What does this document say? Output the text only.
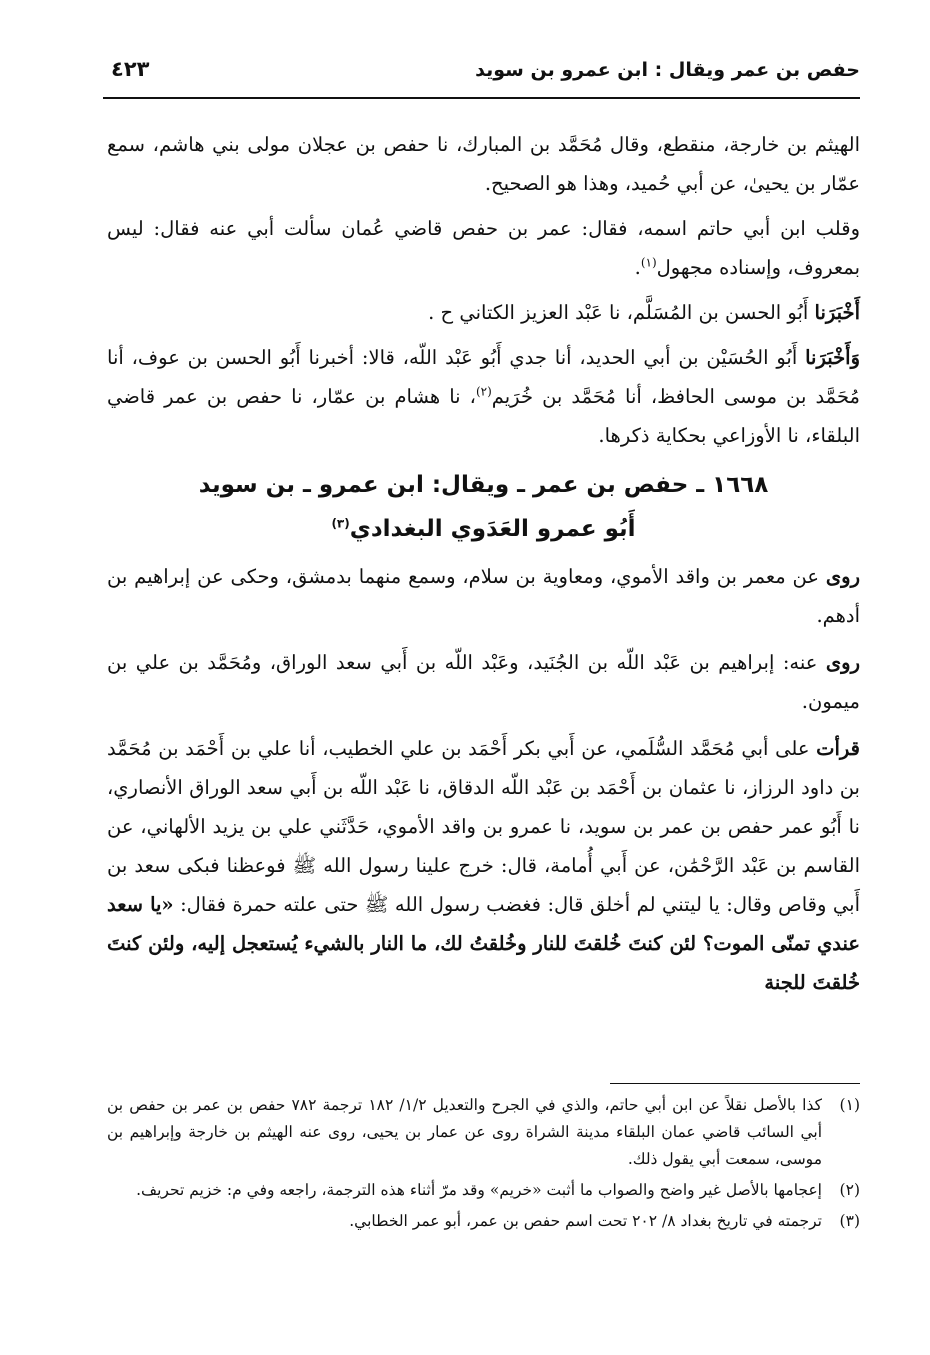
حفص بن عمر ويقال : ابن عمرو بن سويد
٤٢٣

الهيثم بن خارجة، منقطع، وقال مُحَمَّد بن المبارك، نا حفص بن عجلان مولى بني هاشم، سمع عمّار بن يحيىٰ، عن أبي حُميد، وهذا هو الصحيح.

وقلب ابن أبي حاتم اسمه، فقال: عمر بن حفص قاضي عُمان سألت أبي عنه فقال: ليس بمعروف، وإسناده مجهول$^{(١)}$.

أَخْبَرَنا أَبُو الحسن بن المُسَلَّم، نا عَبْد العزيز الكتاني ح .

وَأَخْبَرَنا أَبُو الحُسَيْن بن أبي الحديد، أنا جدي أَبُو عَبْد اللّه، قالا: أخبرنا أَبُو الحسن بن عوف، أنا مُحَمَّد بن موسى الحافظ، أنا مُحَمَّد بن خُرَيم$^{(٢)}$، نا هشام بن عمّار، نا حفص بن عمر قاضي البلقاء، نا الأوزاعي بحكاية ذكرها.

١٦٦٨ ـ حفص بن عمر ـ ويقال: ابن عمرو ـ بن سويد
أَبُو عمرو العَدَوي البغدادي$^{(٣)}$

روى عن معمر بن واقد الأموي، ومعاوية بن سلام، وسمع منهما بدمشق، وحكى عن إبراهيم بن أدهم.

روى عنه: إبراهيم بن عَبْد اللّه بن الجُنَيد، وعَبْد اللّه بن أَبي سعد الوراق، ومُحَمَّد بن علي بن ميمون.

قرأت على أبي مُحَمَّد السُّلَمي، عن أَبي بكر أَحْمَد بن علي الخطيب، أنا علي بن أَحْمَد بن مُحَمَّد بن داود الرزاز، نا عثمان بن أَحْمَد بن عَبْد اللّه الدقاق، نا عَبْد اللّه بن أَبي سعد الوراق الأنصاري، نا أَبُو عمر حفص بن عمر بن سويد، نا عمرو بن واقد الأموي، حَدَّثَني علي بن يزيد الألهاني، عن القاسم بن عَبْد الرَّحْمَٰن، عن أَبي أُمامة، قال: خرج علينا رسول الله ﷺ فوعظنا فبكى سعد بن أَبي وقاص وقال: يا ليتني لم أخلق قال: فغضب رسول الله ﷺ حتى علته حمرة فقال: «يا سعد عندي تمنّى الموت؟ لئن كنتَ خُلقتَ للنار وخُلقتُ لك، ما النار بالشيء يُستعجل إليه، ولئن كنتَ خُلقتَ للجنة

(١)
كذا بالأصل نقلاً عن ابن أبي حاتم، والذي في الجرح والتعديل ١/٢/ ١٨٢ ترجمة ٧٨٢ حفص بن عمر بن حفص بن أبي السائب قاضي عمان البلقاء مدينة الشراة روى عن عمار بن يحيى، روى عنه الهيثم بن خارجة وإبراهيم بن موسى، سمعت أبي يقول ذلك.
(٢)
إعجامها بالأصل غير واضح والصواب ما أثبت «خريم» وقد مرّ أثناء هذه الترجمة، راجعه وفي م: خزيم تحريف.
(٣)
ترجمته في تاريخ بغداد ٨/ ٢٠٢ تحت اسم حفص بن عمر، أبو عمر الخطابي.
